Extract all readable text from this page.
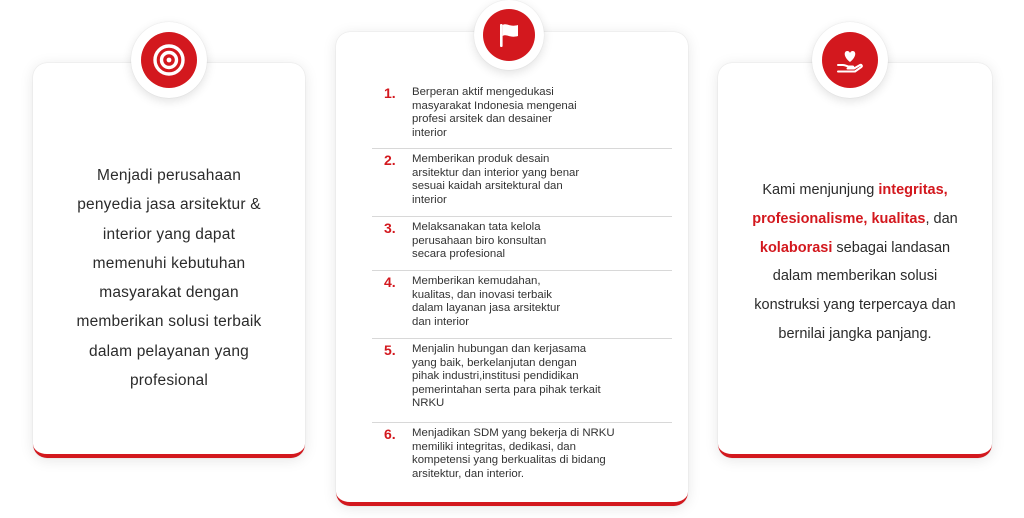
Menjadi perusahaan
penyedia jasa arsitektur &
interior yang dapat
memenuhi kebutuhan
masyarakat dengan
memberikan solusi terbaik
dalam pelayanan yang
profesional
1. Berperan aktif mengedukasi
masyarakat Indonesia mengenai
profesi arsitek dan desainer
interior
2. Memberikan produk desain
arsitektur dan interior yang benar
sesuai kaidah arsitektural dan
interior
3. Melaksanakan tata kelola
perusahaan biro konsultan
secara profesional
4. Memberikan kemudahan,
kualitas, dan inovasi terbaik
dalam layanan jasa arsitektur
dan interior
5. Menjalin hubungan dan kerjasama
yang baik, berkelanjutan dengan
pihak industri,institusi pendidikan
pemerintahan serta para pihak terkait
NRKU
6. Menjadikan SDM yang bekerja di NRKU
memiliki integritas, dedikasi, dan
kompetensi yang berkualitas di bidang
arsitektur, dan interior.
Kami menjunjung integritas,
profesionalisme, kualitas, dan
kolaborasi sebagai landasan
dalam memberikan solusi
konstruksi yang terpercaya dan
bernilai jangka panjang.
